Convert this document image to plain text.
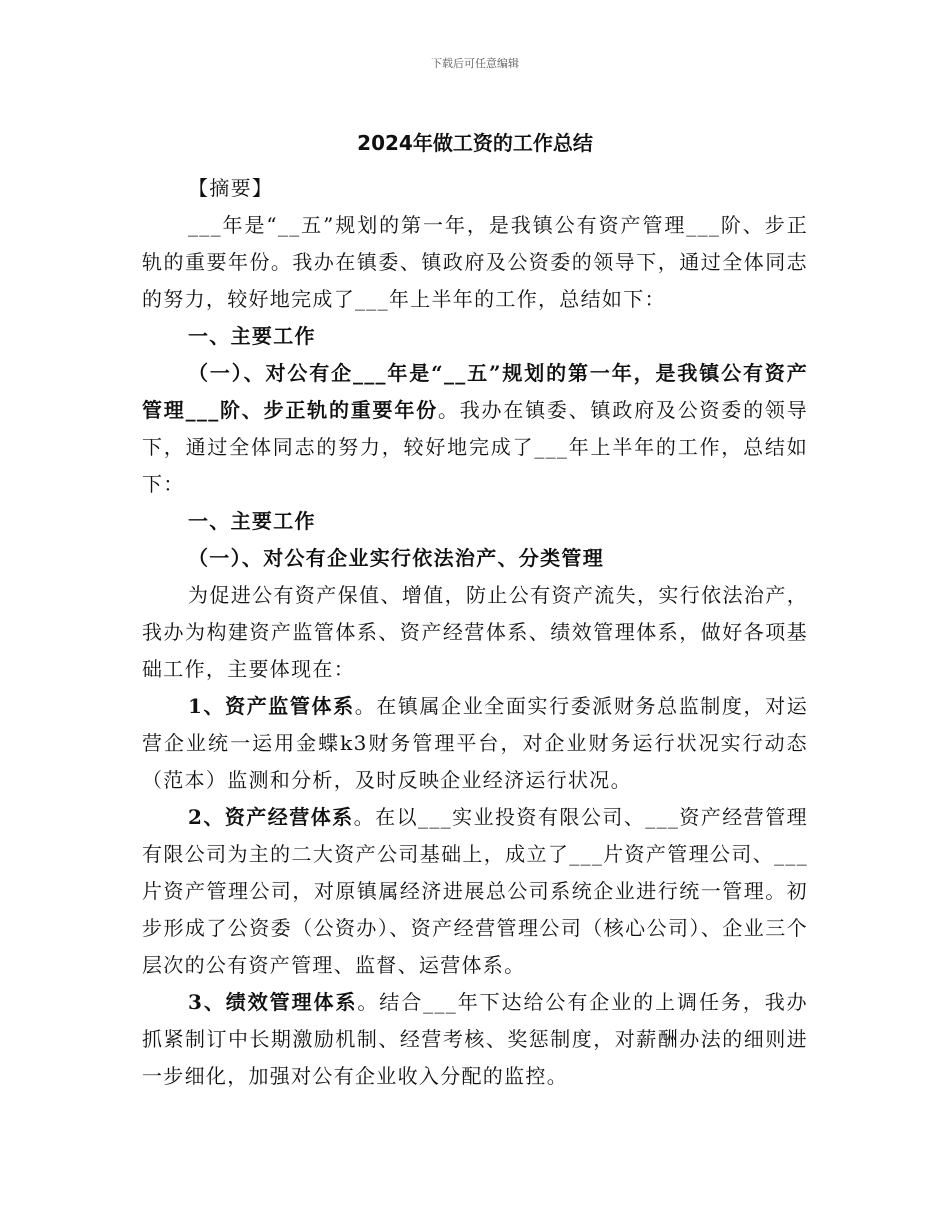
下载后可任意编辑
2024年做工资的工作总结

【摘要】

___年是“__五”规划的第一年，是我镇公有资产管理___阶、步正轨的重要年份。我办在镇委、镇政府及公资委的领导下，通过全体同志的努力，较好地完成了___年上半年的工作，总结如下：

一、主要工作

（一）、对公有企___年是“__五”规划的第一年，是我镇公有资产管理___阶、步正轨的重要年份。我办在镇委、镇政府及公资委的领导下，通过全体同志的努力，较好地完成了___年上半年的工作，总结如下：

一、主要工作

（一）、对公有企业实行依法治产、分类管理

为促进公有资产保值、增值，防止公有资产流失，实行依法治产，我办为构建资产监管体系、资产经营体系、绩效管理体系，做好各项基础工作，主要体现在：

1、资产监管体系。在镇属企业全面实行委派财务总监制度，对运营企业统一运用金蝶k3财务管理平台，对企业财务运行状况实行动态（范本）监测和分析，及时反映企业经济运行状况。

2、资产经营体系。在以___实业投资有限公司、___资产经营管理有限公司为主的二大资产公司基础上，成立了___片资产管理公司、___片资产管理公司，对原镇属经济进展总公司系统企业进行统一管理。初步形成了公资委（公资办）、资产经营管理公司（核心公司）、企业三个层次的公有资产管理、监督、运营体系。

3、绩效管理体系。结合___年下达给公有企业的上调任务，我办抓紧制订中长期激励机制、经营考核、奖惩制度，对薪酬办法的细则进一步细化，加强对公有企业收入分配的监控。
